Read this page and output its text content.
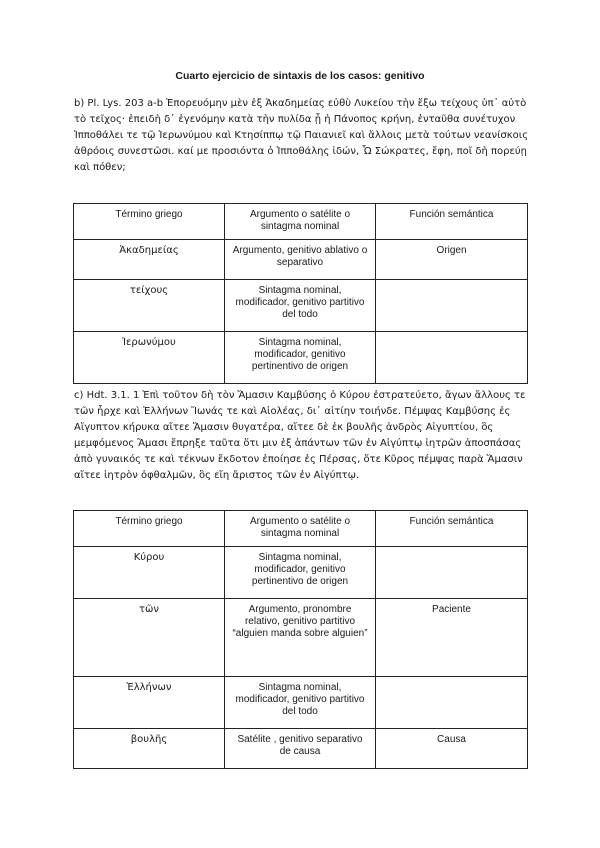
Cuarto ejercicio de sintaxis de los casos: genitivo
b) Pl. Lys. 203 a-b Ἐπορευόμην μὲν ἐξ Ἀκαδημείας εὐθὺ Λυκείου τὴν ἔξω τείχους ὑπ᾽ αὐτὸ
τὸ τεῖχος· ἐπειδὴ δ᾽ ἐγενόμην κατὰ τὴν πυλίδα ᾗ ἡ Πάνοπος κρήνη, ἐνταῦθα συνέτυχον
Ἱπποθάλει τε τῷ Ἱερωνύμου καὶ Κτησίππῳ τῷ Παιανιεῖ καὶ ἄλλοις μετὰ τούτων νεανίσκοις
ἁθρόοις συνεστῶσι. καί με προσιόντα ὁ Ἱπποθάλης ἰδών, Ὦ Σώκρατες, ἔφη, ποῖ δὴ πορεύῃ
καὶ πόθεν;
Término griego	Argumento o satélite o sintagma nominal	Función semántica
Ἀκαδημείας	Argumento, genitivo ablativo o separativo	Origen
τείχους	Sintagma nominal, modificador, genitivo partitivo del todo	
Ἱερωνύμου	Sintagma nominal, modificador, genitivo pertinentivo de origen	
c) Hdt. 3.1. 1 Ἐπὶ τοῦτον δὴ τὸν Ἄμασιν Καμβύσης ὁ Κύρου ἐστρατεύετο, ἄγων ἄλλους τε
τῶν ἦρχε καὶ Ἑλλήνων Ἴωνάς τε καὶ Αἰολέας, δι᾽ αἰτίην τοιήνδε. Πέμψας Καμβύσης ἐς
Αἴγυπτον κήρυκα αἴτεε Ἄμασιν θυγατέρα, αἴτεε δὲ ἐκ βουλῆς ἀνδρὸς Αἰγυπτίου, ὃς
μεμφόμενος Ἄμασι ἔπρηξε ταῦτα ὅτι μιν ἐξ ἁπάντων τῶν ἐν Αἰγύπτῳ ἰητρῶν ἀποσπάσας
ἀπὸ γυναικός τε καὶ τέκνων ἔκδοτον ἐποίησε ἐς Πέρσας, ὅτε Κῦρος πέμψας παρὰ Ἄμασιν
αἴτεε ἰητρὸν ὀφθαλμῶν, ὃς εἴη ἄριστος τῶν ἐν Αἰγύπτῳ.
Término griego	Argumento o satélite o sintagma nominal	Función semántica
Κύρου	Sintagma nominal, modificador, genitivo pertinentivo de origen	
τῶν	Argumento, pronombre relativo, genitivo partitivo “alguien manda sobre alguien”	Paciente
Ἑλλήνων	Sintagma nominal, modificador, genitivo partitivo del todo	
βουλῆς	Satélite , genitivo separativo de causa	Causa
